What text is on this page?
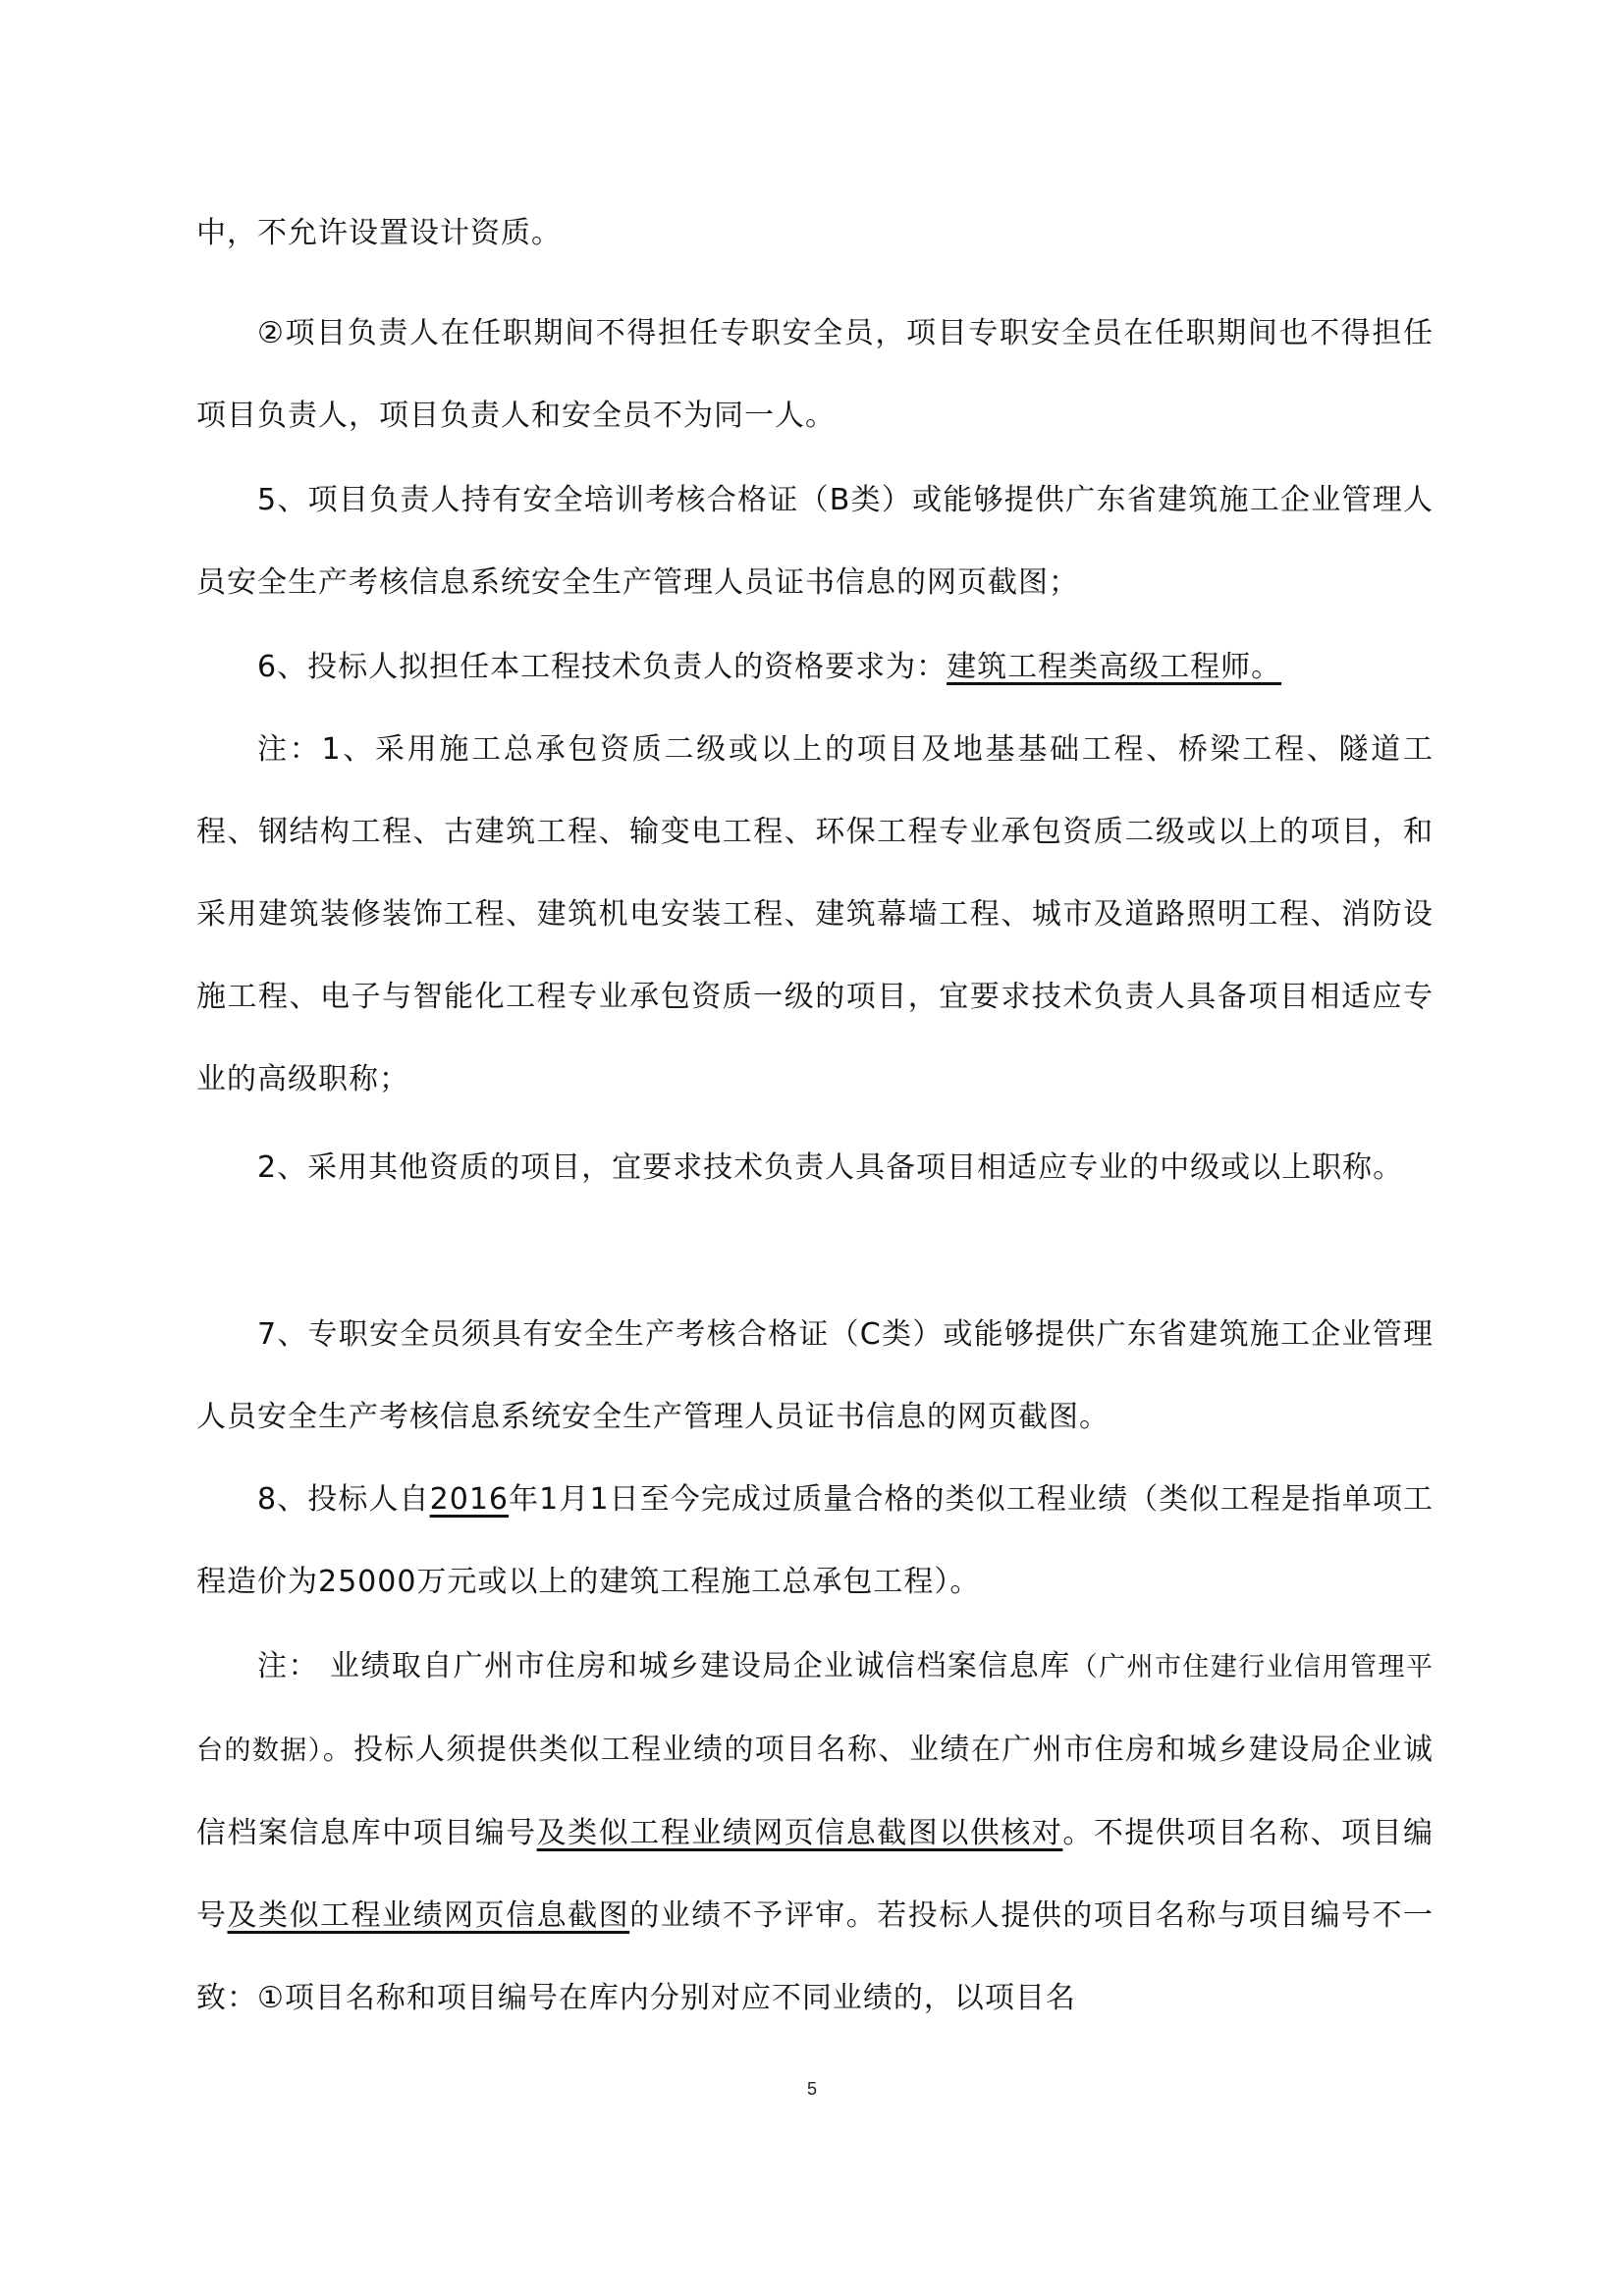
中，不允许设置设计资质。
②项目负责人在任职期间不得担任专职安全员，项目专职安全员在任职期间也不得担任项目负责人，项目负责人和安全员不为同一人。
5、项目负责人持有安全培训考核合格证（B类）或能够提供广东省建筑施工企业管理人员安全生产考核信息系统安全生产管理人员证书信息的网页截图；
6、投标人拟担任本工程技术负责人的资格要求为：建筑工程类高级工程师。
注：1、采用施工总承包资质二级或以上的项目及地基基础工程、桥梁工程、隧道工程、钢结构工程、古建筑工程、输变电工程、环保工程专业承包资质二级或以上的项目，和采用建筑装修装饰工程、建筑机电安装工程、建筑幕墙工程、城市及道路照明工程、消防设施工程、电子与智能化工程专业承包资质一级的项目，宜要求技术负责人具备项目相适应专业的高级职称；
2、采用其他资质的项目，宜要求技术负责人具备项目相适应专业的中级或以上职称。
7、专职安全员须具有安全生产考核合格证（C类）或能够提供广东省建筑施工企业管理人员安全生产考核信息系统安全生产管理人员证书信息的网页截图。
8、投标人自2016年1月1日至今完成过质量合格的类似工程业绩（类似工程是指单项工程造价为25000万元或以上的建筑工程施工总承包工程）。
注： 业绩取自广州市住房和城乡建设局企业诚信档案信息库（广州市住建行业信用管理平台的数据）。投标人须提供类似工程业绩的项目名称、业绩在广州市住房和城乡建设局企业诚信档案信息库中项目编号及类似工程业绩网页信息截图以供核对。不提供项目名称、项目编号及类似工程业绩网页信息截图的业绩不予评审。若投标人提供的项目名称与项目编号不一致：①项目名称和项目编号在库内分别对应不同业绩的，以项目名
5
